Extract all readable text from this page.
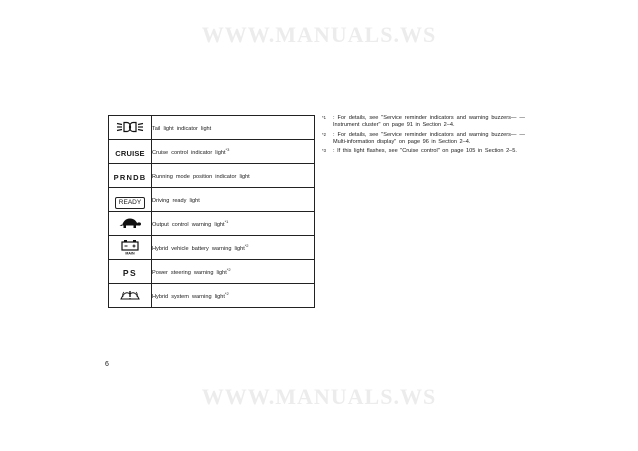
WWW.MANUALS.WS
	Tail light indicator light
CRUISE	Cruise control indicator light$^{*3}$
PRNDB	Running mode position indicator light
READY	Driving ready light
	Output control warning light$^{*1}$

MAIN	Hybrid vehicle battery warning light$^{*2}$
PS	Power steering warning light$^{*2}$
	Hybrid system warning light$^{*2}$
*1 : For details, see "Service reminder indicators and warning buzzers— —Instrument cluster" on page 91 in Section 2–4.
*2 : For details, see "Service reminder indicators and warning buzzers— —Multi-information display" on page 96 in Section 2–4.
*3 : If this light flashes, see "Cruise control" on page 105 in Section 2–5.
6
WWW.MANUALS.WS
